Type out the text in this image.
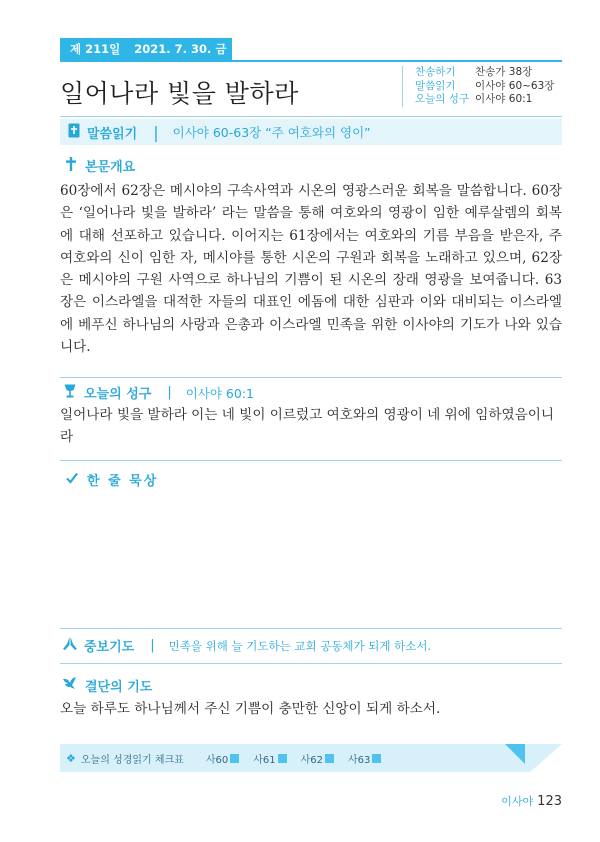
제 211일 2021. 7. 30. 금
일어나라 빛을 발하라
찬송하기	찬송가 38장
말씀읽기	이사야 60~63장
오늘의 성구 이사야 60:1
말씀읽기 | 이사야 60-63장 “주 여호와의 영이”
본문개요
60장에서 62장은 메시야의 구속사역과 시온의 영광스러운 회복을 말씀합니다. 60장은 ‘일어나라 빛을 발하라’ 라는 말씀을 통해 여호와의 영광이 임한 예루살렘의 회복에 대해 선포하고 있습니다. 이어지는 61장에서는 여호와의 기름 부음을 받은자, 주 여호와의 신이 임한 자, 메시야를 통한 시온의 구원과 회복을 노래하고 있으며, 62장은 메시야의 구원 사역으로 하나님의 기쁨이 된 시온의 장래 영광을 보여줍니다. 63장은 이스라엘을 대적한 자들의 대표인 에돔에 대한 심판과 이와 대비되는 이스라엘에 베푸신 하나님의 사랑과 은총과 이스라엘 민족을 위한 이사야의 기도가 나와 있습니다.
오늘의 성구 | 이사야 60:1
일어나라 빛을 발하라 이는 네 빛이 이르렀고 여호와의 영광이 네 위에 임하였음이니라
한 줄 묵상
중보기도 | 민족을 위해 늘 기도하는 교회 공동체가 되게 하소서.
결단의 기도
오늘 하루도 하나님께서 주신 기쁨이 충만한 신앙이 되게 하소서.
❖ 오늘의 성경읽기 체크표 사60	사61	사62	사63
이사야 123
